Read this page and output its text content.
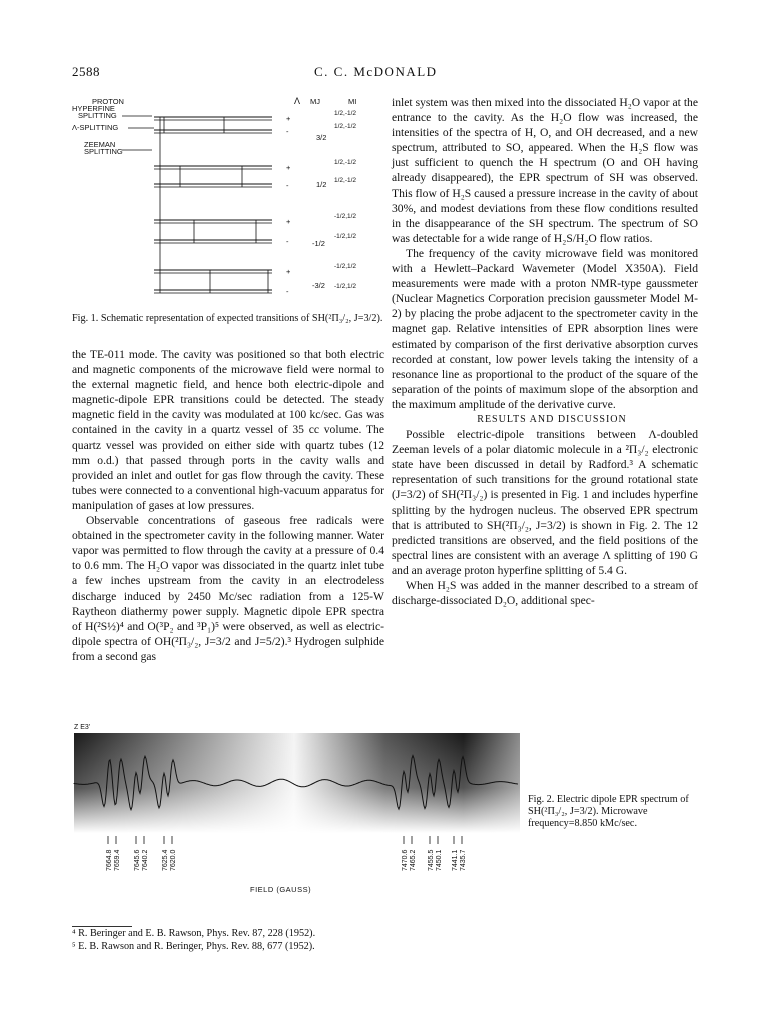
2588	C. C. McDONALD
PROTON
HYPERFINE
SPLITTING
Λ-SPLITTING
ZEEMAN
SPLITTING
Λ MJ	MI
+
1/2,-1/2
-
1/2,-1/2
+
1/2,-1/2
-
1/2,-1/2
+
-1/2,1/2
-
-1/2,1/2
+
-1/2,1/2
-
-1/2,1/2
3/2
1/2
-1/2
-3/2
Fig. 1. Schematic representation of expected transitions of SH(²Π₃/₂, J=3/2).

the TE-011 mode. The cavity was positioned so that both electric and magnetic components of the microwave field were normal to the external magnetic field, and hence both electric-dipole and magnetic-dipole EPR transitions could be detected. The steady magnetic field in the cavity was modulated at 100 kc/sec. Gas was contained in the cavity in a quartz vessel of 35 cc volume. The quartz vessel was provided on either side with quartz tubes (12 mm o.d.) that passed through ports in the cavity walls and provided an inlet and outlet for gas flow through the cavity. These tubes were connected to a conventional high-vacuum apparatus for manipulation of gases at low pressures.

Observable concentrations of gaseous free radicals were obtained in the spectrometer cavity in the following manner. Water vapor was permitted to flow through the cavity at a pressure of 0.4 to 0.6 mm. The H₂O vapor was dissociated in the quartz inlet tube a few inches upstream from the cavity in an electrodeless discharge induced by 2450 Mc/sec radiation from a 125-W Raytheon diathermy power supply. Magnetic dipole EPR spectra of H(²S½)⁴ and O(³P₂ and ³P₁)⁵ were observed, as well as electric-dipole spectra of OH(²Π₃/₂, J=3/2 and J=5/2).³ Hydrogen sulphide from a second gas

inlet system was then mixed into the dissociated H₂O vapor at the entrance to the cavity. As the H₂O flow was increased, the intensities of the spectra of H, O, and OH decreased, and a new spectrum, attributed to SO, appeared. When the H₂S flow was just sufficient to quench the H spectrum (O and OH having already disappeared), the EPR spectrum of SH was observed. This flow of H₂S caused a pressure increase in the cavity of about 30%, and modest deviations from these flow conditions resulted in the disappearance of the SH spectrum. The spectrum of SO was detectable for a wide range of H₂S/H₂O flow ratios.

The frequency of the cavity microwave field was monitored with a Hewlett–Packard Wavemeter (Model X350A). Field measurements were made with a proton NMR-type gaussmeter (Nuclear Magnetics Corporation precision gaussmeter Model M-2) by placing the probe adjacent to the spectrometer cavity in the magnet gap. Relative intensities of EPR absorption lines were estimated by comparison of the first derivative absorption curves recorded at constant, low power levels taking the intensity of a resonance line as proportional to the product of the square of the separation of the points of maximum slope of the absorption and the maximum amplitude of the derivative curve.

RESULTS AND DISCUSSION

Possible electric-dipole transitions between Λ-doubled Zeeman levels of a polar diatomic molecule in a ²Π₃/₂ electronic state have been discussed in detail by Radford.³ A schematic representation of such transitions for the ground rotational state (J=3/2) of SH(²Π₃/₂) is presented in Fig. 1 and includes hyperfine splitting by the hydrogen nucleus. The observed EPR spectrum that is attributed to SH(²Π₃/₂, J=3/2) is shown in Fig. 2. The 12 predicted transitions are observed, and the field positions of the spectral lines are consistent with an average Λ splitting of 190 G and an average proton hyperfine splitting of 5.4 G.

When H₂S was added in the manner described to a stream of discharge-dissociated D₂O, additional spec-

Z E3'
7664.8 7659.4 7645.6 7640.2 7625.4 7620.0	7470.6 7465.2 7455.5 7450.1 7441.1 7435.7
FIELD (GAUSS)
Fig. 2. Electric dipole EPR spectrum of SH(²Π₃/₂, J=3/2). Microwave frequency=8.850 kMc/sec.
⁴ R. Beringer and E. B. Rawson, Phys. Rev. 87, 228 (1952).
⁵ E. B. Rawson and R. Beringer, Phys. Rev. 88, 677 (1952).
